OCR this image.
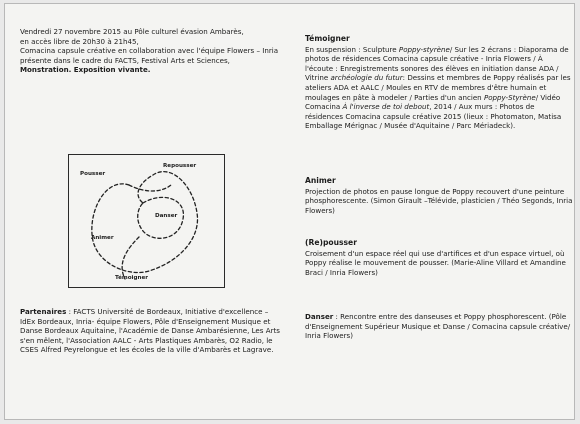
Vendredi 27 novembre 2015 au Pôle culturel évasion Ambarès,

en accès libre de 20h30 à 21h45,

Comacina capsule créative en collaboration avec l'équipe Flowers – Inria

présente dans le cadre du FACTS, Festival Arts et Sciences,

Monstration. Exposition vivante.

Repousser
Pousser
Danser
Animer
Témoigner

Partenaires : FACTS Université de Bordeaux, Initiative d'excellence – IdEx Bordeaux, Inria- équipe Flowers, Pôle d'Enseignement Musique et Danse Bordeaux Aquitaine, l'Académie de Danse Ambarésienne, Les Arts s'en mêlent, l'Association AALC - Arts Plastiques Ambarès, O2 Radio, le CSES Alfred Peyrelongue et les écoles de la ville d'Ambarès et Lagrave.

Témoigner

En suspension : Sculpture Poppy-styrène/ Sur les 2 écrans : Diaporama de photos de résidences Comacina capsule créative - Inria Flowers / À l'écoute : Enregistrements sonores des élèves en initiation danse ADA / Vitrine archéologie du futur: Dessins et membres de Poppy réalisés par les ateliers ADA et AALC / Moules en RTV de membres d'être humain et moulages en pâte à modeler / Parties d'un ancien Poppy-Styrène/ Vidéo Comacina À l'inverse de toi debout, 2014 / Aux murs : Photos de résidences Comacina capsule créative 2015 (lieux : Photomaton, Matisa Emballage Mérignac / Musée d'Aquitaine / Parc Mériadeck).

Animer

Projection de photos en pause longue de Poppy recouvert d'une peinture phosphorescente. (Simon Girault –Télévide, plasticien / Théo Segonds, Inria Flowers)

(Re)pousser

Croisement d'un espace réel qui use d'artifices et d'un espace virtuel, où Poppy réalise le mouvement de pousser. (Marie-Aline Villard et Amandine Braci / Inria Flowers)

Danser : Rencontre entre des danseuses et Poppy phosphorescent. (Pôle d'Enseignement Supérieur Musique et Danse / Comacina capsule créative/ Inria Flowers)
